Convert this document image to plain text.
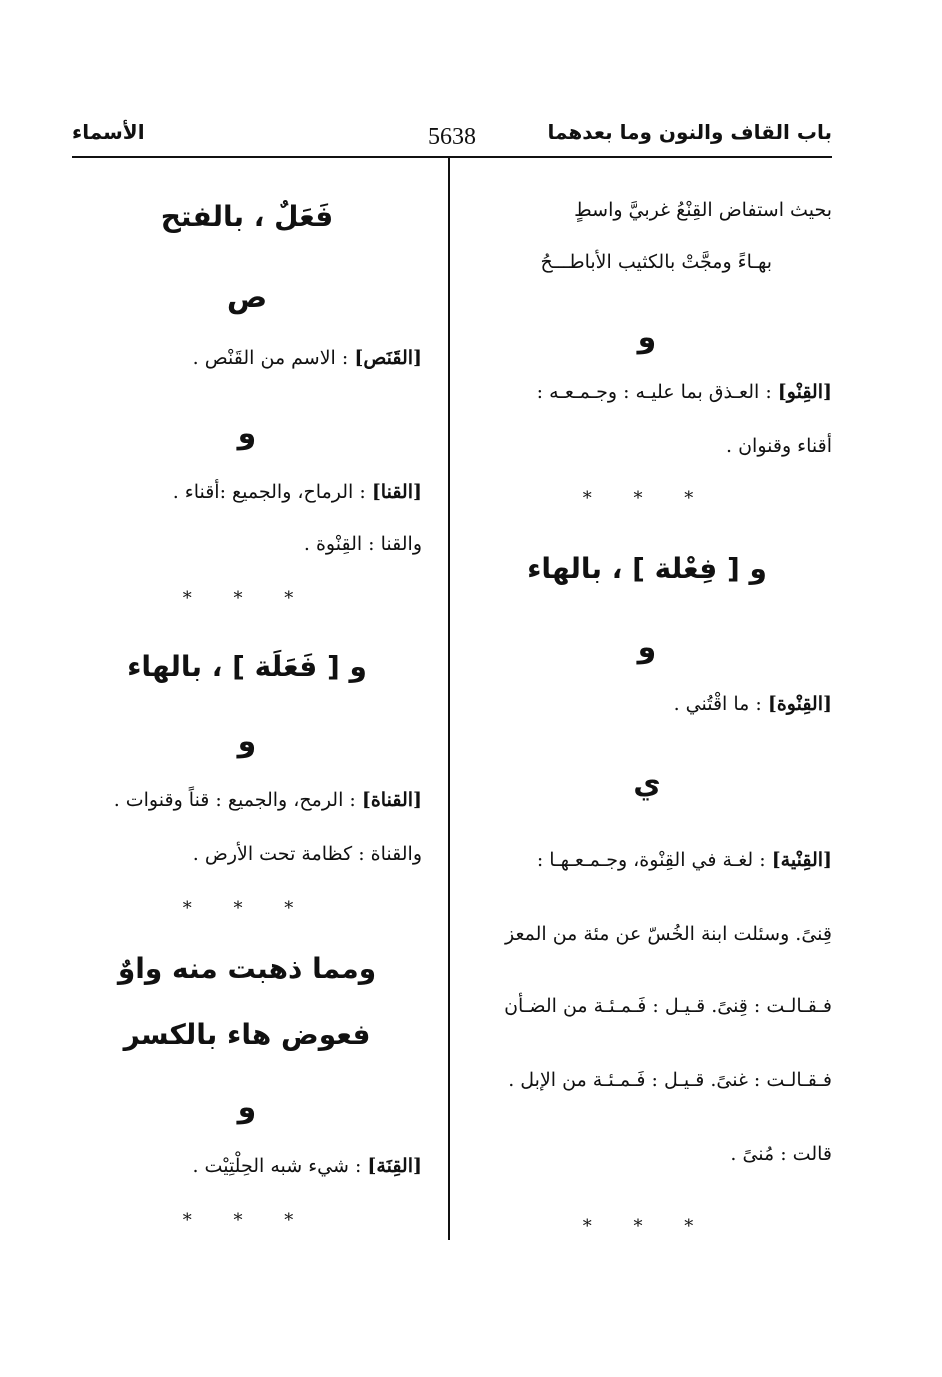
باب القاف والنون وما بعدهما
5638
الأسماء
بحيث استفاض القِنْعُ غربيَّ واسطٍ
بهـاءً ومجَّتْ بالكثيب الأباطـــحُ
و
[القِنْو] : العـذق بما عليـه : وجـمـعـه :
أقناء وقنوان .
* * *
و [ فِعْلة ] ، بالهاء
و
[القِنْوة] : ما اقْتُني .
ي
[القِنْية] : لغـة في القِنْوة، وجـمـعـهـا :
قِنىً. وسئلت ابنة الخُسّ عن مئة من المعز
فـقـالـت : قِنىً. قـيـل : فَـمـئـة من الضـأن
فـقـالـت : غنىً. قـيـل : فَـمـئـة من الإبل .
قالت : مُنىً .
* * *
فَعَلٌ ، بالفتح
ص
[القَنَص] : الاسم من القَنْص .
و
[القنا] : الرماح، والجميع :أقناء .
والقنا : القِنْوة .
* * *
و [ فَعَلَة ] ، بالهاء
و
[القناة] : الرمح، والجميع : قناً وقنوات .
والقناة : كظامة تحت الأرض .
* * *
ومما ذهبت منه واوٌ
فعوض هاء بالكسر
و
[القِنَة] : شيء شبه الحِلْتِيْت .
* * *
